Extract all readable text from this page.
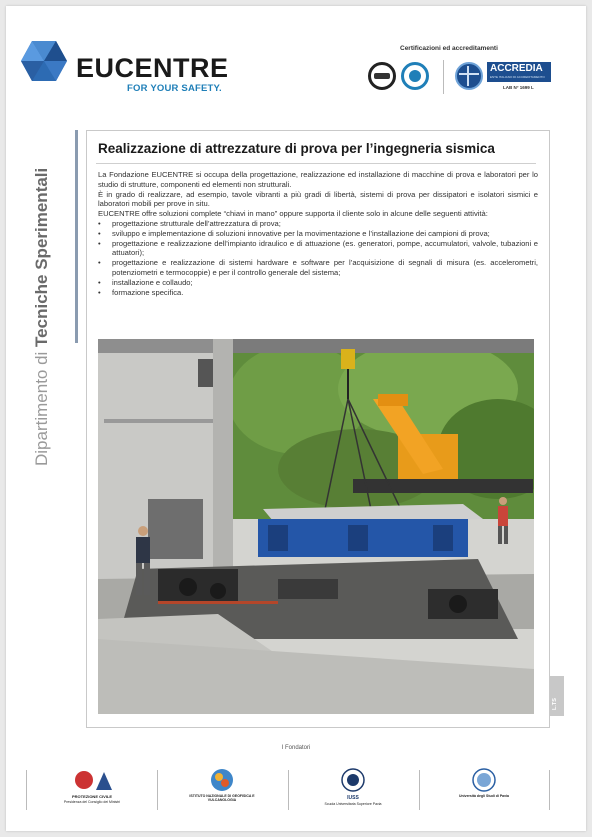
EUCENTRE
FOR YOUR SAFETY.
Certificazioni ed accreditamenti
ACCREDIA
ENTE ITALIANO DI ACCREDITAMENTO
LAB N° 1699 L
Dipartimento di Tecniche Sperimentali
Realizzazione di attrezzature di prova per l’ingegneria sismica

La Fondazione EUCENTRE si occupa della progettazione, realizzazione ed installazione di macchine di prova e laboratori per lo studio di strutture, componenti ed elementi non strutturali.

È in grado di realizzare, ad esempio, tavole vibranti a più gradi di libertà, sistemi di prova per dissipatori e isolatori sismici e laboratori mobili per prove in situ.

EUCENTRE offre soluzioni complete “chiavi in mano” oppure supporta il cliente solo in alcune delle seguenti attività:

• progettazione strutturale dell’attrezzatura di prova;
• sviluppo e implementazione di soluzioni innovative per la movimentazione e l’installazione dei campioni di prova;
• progettazione e realizzazione dell’impianto idraulico e di attuazione (es. generatori, pompe, accumulatori, valvole, tubazioni e attuatori);
• progettazione e realizzazione di sistemi hardware e software per l’acquisizione di segnali di misura (es. accelerometri, potenziometri e termocoppie) e per il controllo generale del sistema;
• installazione e collaudo;
• formazione specifica.
L.TS
I Fondatori
PROTEZIONE CIVILE
Presidenza del Consiglio dei Ministri
ISTITUTO NAZIONALE DI GEOFISICA E VULCANOLOGIA	IUSS
Scuola Universitaria Superiore Pavia
Università degli Studi di Pavia
